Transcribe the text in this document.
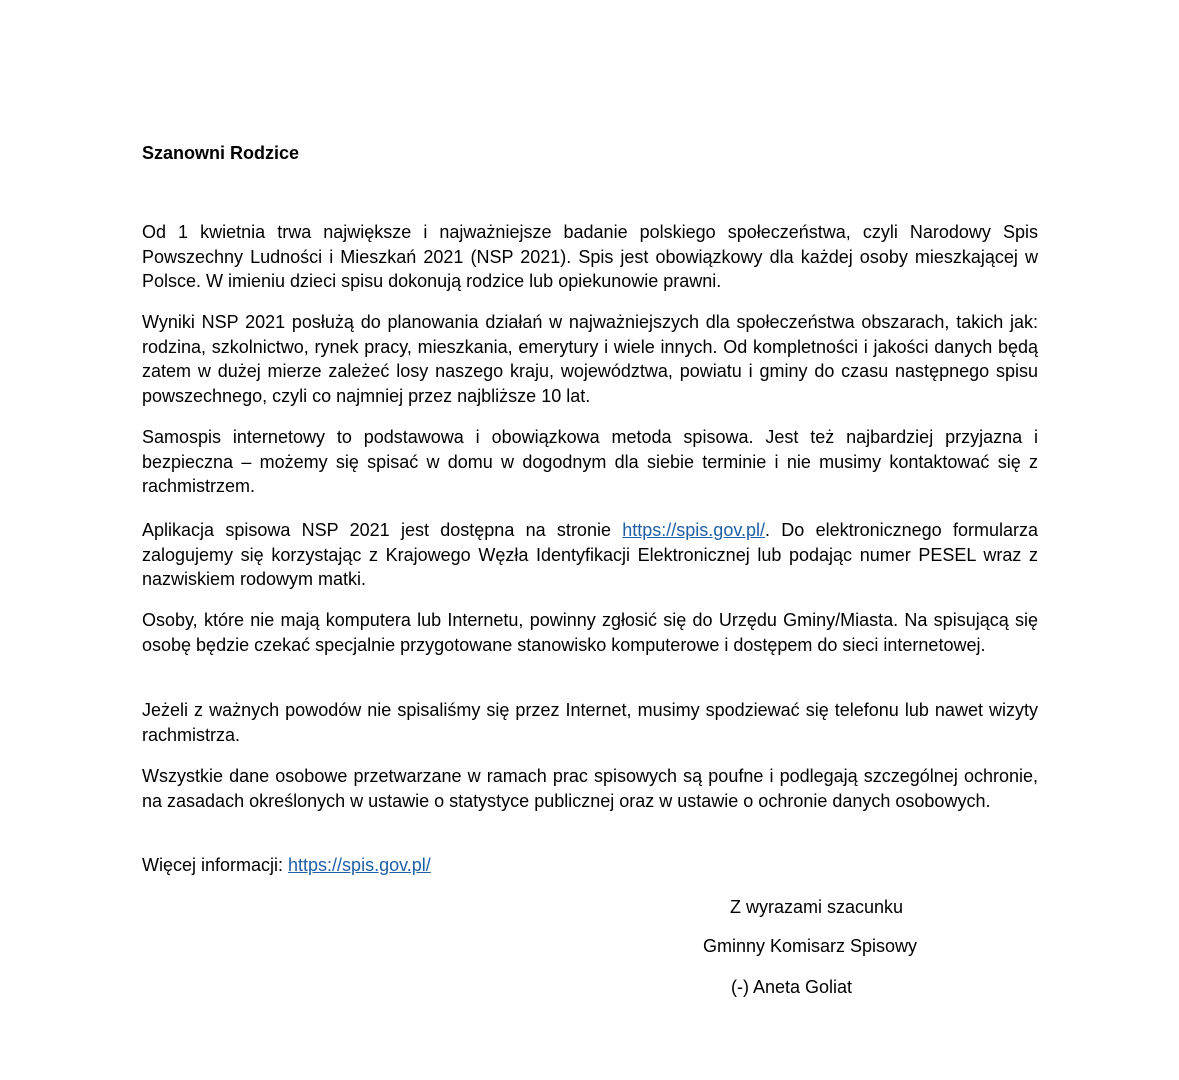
Szanowni Rodzice

Od 1 kwietnia trwa największe i najważniejsze badanie polskiego społeczeństwa, czyli Narodowy Spis Powszechny Ludności i Mieszkań 2021 (NSP 2021). Spis jest obowiązkowy dla każdej osoby mieszkającej w Polsce. W imieniu dzieci spisu dokonują rodzice lub opiekunowie prawni.

Wyniki NSP 2021 posłużą do planowania działań w najważniejszych dla społeczeństwa obszarach, takich jak: rodzina, szkolnictwo, rynek pracy, mieszkania, emerytury i wiele innych. Od kompletności i jakości danych będą zatem w dużej mierze zależeć losy naszego kraju, województwa, powiatu i gminy do czasu następnego spisu powszechnego, czyli co najmniej przez najbliższe 10 lat.

Samospis internetowy to podstawowa i obowiązkowa metoda spisowa. Jest też najbardziej przyjazna i bezpieczna – możemy się spisać w domu w dogodnym dla siebie terminie i nie musimy kontaktować się z rachmistrzem.

Aplikacja spisowa NSP 2021 jest dostępna na stronie https://spis.gov.pl/. Do elektronicznego formularza zalogujemy się korzystając z Krajowego Węzła Identyfikacji Elektronicznej lub podając numer PESEL wraz z nazwiskiem rodowym matki.

Osoby, które nie mają komputera lub Internetu, powinny zgłosić się do Urzędu Gminy/Miasta. Na spisującą się osobę będzie czekać specjalnie przygotowane stanowisko komputerowe i dostępem do sieci internetowej.

Jeżeli z ważnych powodów nie spisaliśmy się przez Internet, musimy spodziewać się telefonu lub nawet wizyty rachmistrza.

Wszystkie dane osobowe przetwarzane w ramach prac spisowych są poufne i podlegają szczególnej ochronie, na zasadach określonych w ustawie o statystyce publicznej oraz w ustawie o ochronie danych osobowych.

Więcej informacji: https://spis.gov.pl/

Z wyrazami szacunku

Gminny Komisarz Spisowy

(-) Aneta Goliat
